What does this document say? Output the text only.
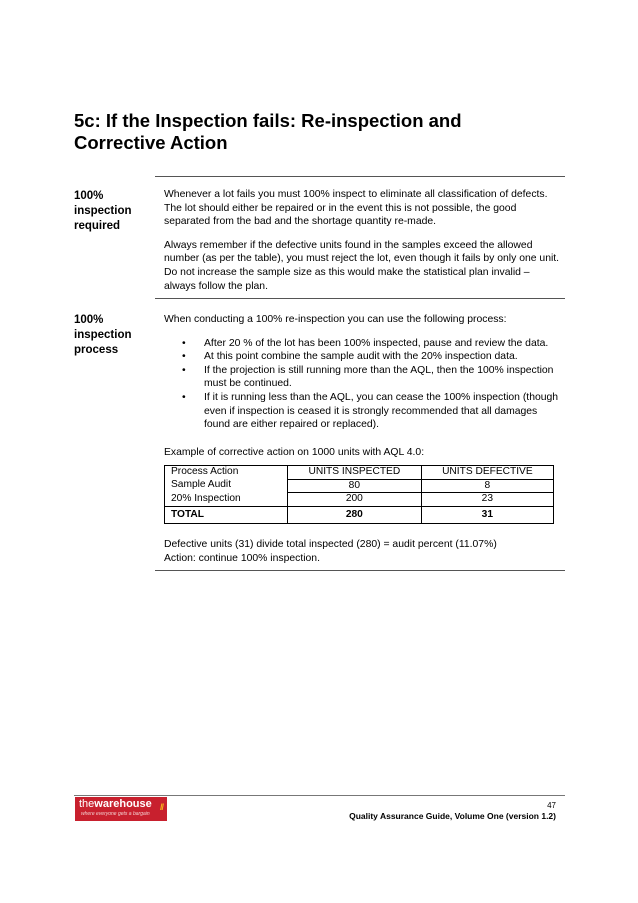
5c: If the Inspection fails: Re-inspection and Corrective Action
100%
inspection
required

Whenever a lot fails you must 100% inspect to eliminate all classification of defects. The lot should either be repaired or in the event this is not possible, the good separated from the bad and the shortage quantity re-made.

Always remember if the defective units found in the samples exceed the allowed number (as per the table), you must reject the lot, even though it fails by only one unit. Do not increase the sample size as this would make the statistical plan invalid – always follow the plan.

100%
inspection
process

When conducting a 100% re-inspection you can use the following process:

• After 20 % of the lot has been 100% inspected, pause and review the data.
• At this point combine the sample audit with the 20% inspection data.
• If the projection is still running more than the AQL, then the 100% inspection must be continued.
• If it is running less than the AQL, you can cease the 100% inspection (though even if inspection is ceased it is strongly recommended that all damages found are either repaired or replaced).

Example of corrective action on 1000 units with AQL 4.0:

Process Action	UNITS INSPECTED	UNITS DEFECTIVE
Sample Audit	80	8
20% Inspection	200	23
TOTAL	280	31

Defective units (31) divide total inspected (280) = audit percent (11.07%)
Action: continue 100% inspection.

thewarehouse //
where everyone gets a bargain
47
Quality Assurance Guide, Volume One (version 1.2)
